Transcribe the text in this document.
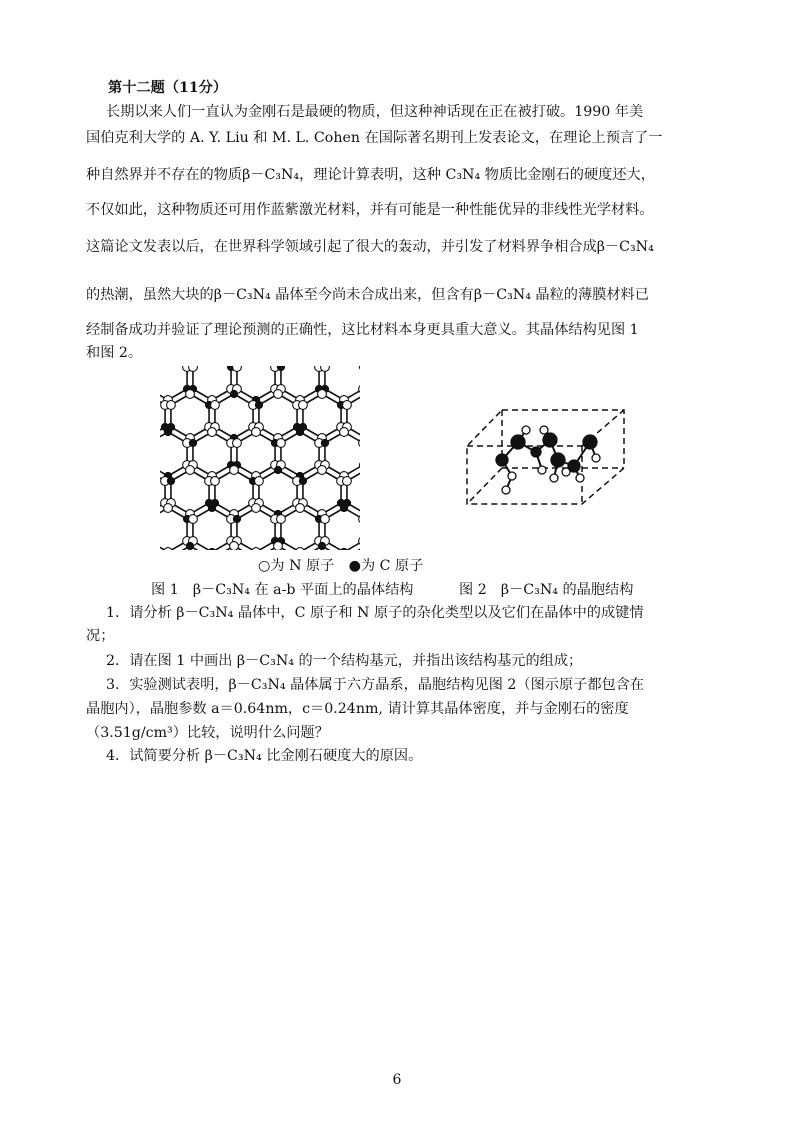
第十二题（11分）
长期以来人们一直认为金刚石是最硬的物质，但这种神话现在正在被打破。1990 年美
国伯克利大学的 A. Y. Liu 和 M. L. Cohen 在国际著名期刊上发表论文，在理论上预言了一
种自然界并不存在的物质β－C₃N₄，理论计算表明，这种 C₃N₄ 物质比金刚石的硬度还大，
不仅如此，这种物质还可用作蓝紫激光材料，并有可能是一种性能优异的非线性光学材料。
这篇论文发表以后，在世界科学领域引起了很大的轰动，并引发了材料界争相合成β－C₃N₄
的热潮，虽然大块的β－C₃N₄ 晶体至今尚未合成出来，但含有β－C₃N₄ 晶粒的薄膜材料已
经制备成功并验证了理论预测的正确性，这比材料本身更具重大意义。其晶体结构见图 1
和图 2。
○为 N 原子　●为 C 原子
图 1　β－C₃N₄ 在 a-b 平面上的晶体结构	图 2　β－C₃N₄ 的晶胞结构
1．请分析 β－C₃N₄ 晶体中，C 原子和 N 原子的杂化类型以及它们在晶体中的成键情
况；
2．请在图 1 中画出 β－C₃N₄ 的一个结构基元，并指出该结构基元的组成；
3．实验测试表明，β－C₃N₄ 晶体属于六方晶系，晶胞结构见图 2（图示原子都包含在
晶胞内），晶胞参数 a＝0.64nm，c＝0.24nm, 请计算其晶体密度，并与金刚石的密度
（3.51g/cm³）比较，说明什么问题？
4．试简要分析 β－C₃N₄ 比金刚石硬度大的原因。
6
